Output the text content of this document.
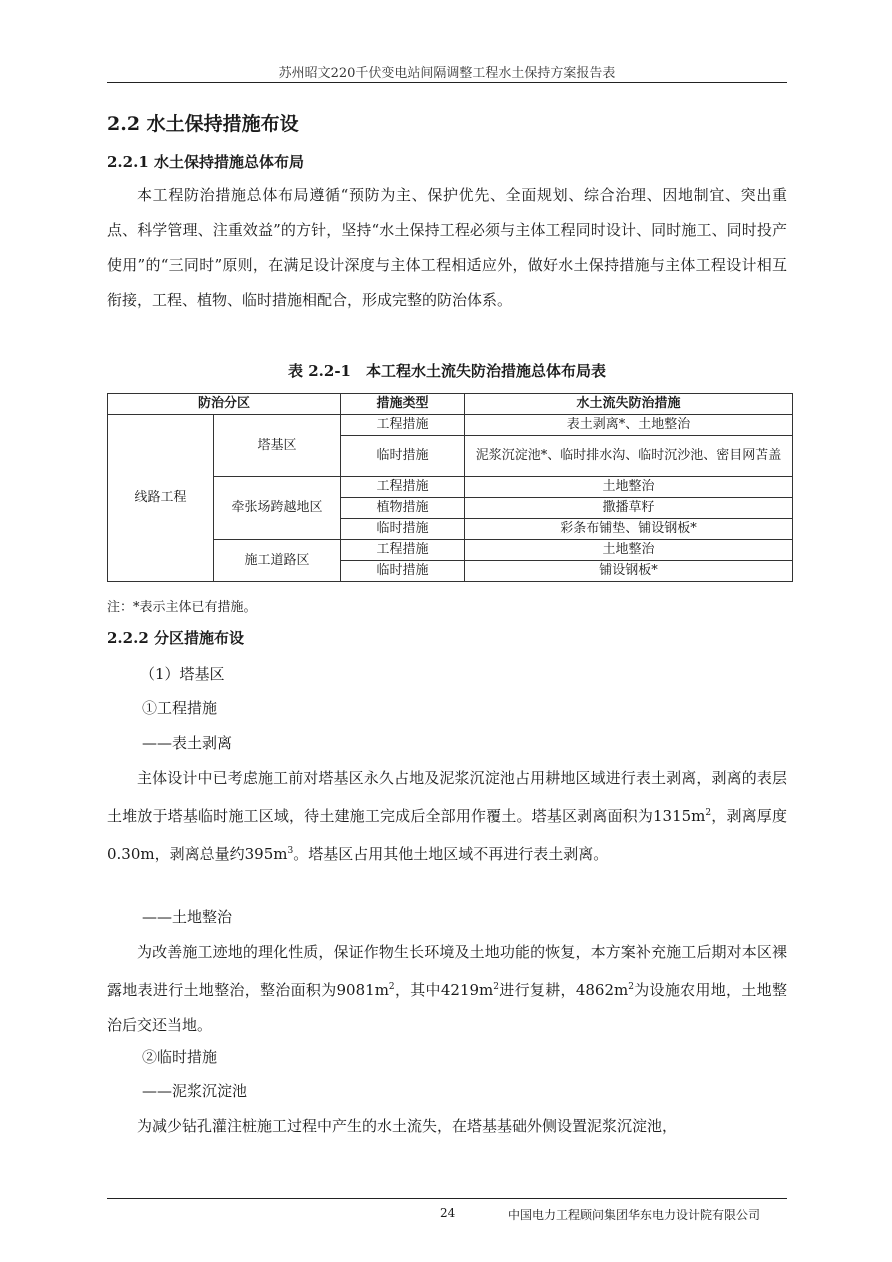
苏州昭文220千伏变电站间隔调整工程水土保持方案报告表
2.2 水土保持措施布设
2.2.1 水土保持措施总体布局
本工程防治措施总体布局遵循“预防为主、保护优先、全面规划、综合治理、因地制宜、突出重点、科学管理、注重效益”的方针，坚持“水土保持工程必须与主体工程同时设计、同时施工、同时投产使用”的“三同时”原则，在满足设计深度与主体工程相适应外，做好水土保持措施与主体工程设计相互衔接，工程、植物、临时措施相配合，形成完整的防治体系。
表 2.2-1　本工程水土流失防治措施总体布局表
防治分区		措施类型	水土流失防治措施
线路工程	塔基区	工程措施	表土剥离*、土地整治
		临时措施	泥浆沉淀池*、临时排水沟、临时沉沙池、密目网苫盖
	牵张场跨越地区	工程措施	土地整治
		植物措施	撒播草籽
		临时措施	彩条布铺垫、铺设钢板*
	施工道路区	工程措施	土地整治
		临时措施	铺设钢板*
注：*表示主体已有措施。
2.2.2 分区措施布设
（1）塔基区
①工程措施
——表土剥离
主体设计中已考虑施工前对塔基区永久占地及泥浆沉淀池占用耕地区域进行表土剥离，剥离的表层土堆放于塔基临时施工区域，待土建施工完成后全部用作覆土。塔基区剥离面积为$1315m^2$，剥离厚度 0.30m，剥离总量约$395m^3$。塔基区占用其他土地区域不再进行表土剥离。
——土地整治
为改善施工迹地的理化性质，保证作物生长环境及土地功能的恢复，本方案补充施工后期对本区裸露地表进行土地整治，整治面积为$9081m^2$，其中$4219m^2$进行复耕，$4862m^2$为设施农用地，土地整治后交还当地。
②临时措施
——泥浆沉淀池
为减少钻孔灌注桩施工过程中产生的水土流失，在塔基基础外侧设置泥浆沉淀池，
24	中国电力工程顾问集团华东电力设计院有限公司
